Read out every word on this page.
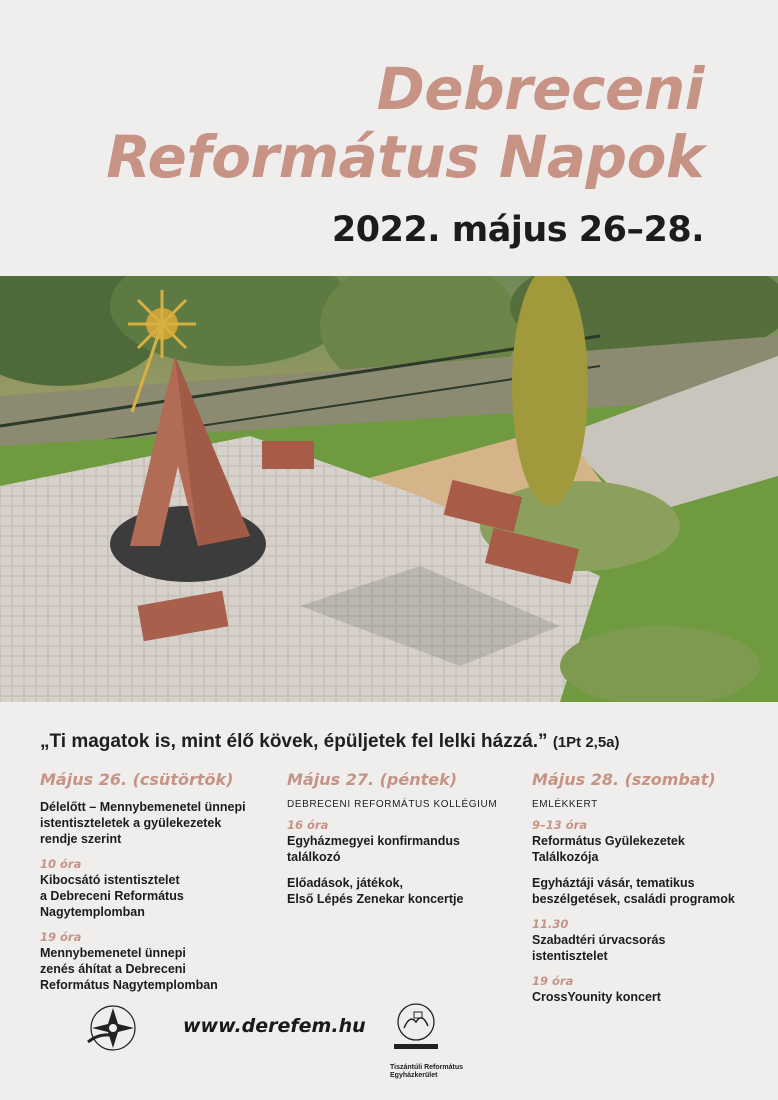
Debreceni
Református Napok
2022. május 26–28.
„Ti magatok is, mint élő kövek, épüljetek fel lelki házzá.” (1Pt 2,5a)
Május 26. (csütörtök)
Délelőtt – Mennybemenetel ünnepi
istentiszteletek a gyülekezetek
rendje szerint
10 óra
Kibocsátó istentisztelet
a Debreceni Református
Nagytemplomban
19 óra
Mennybemenetel ünnepi
zenés áhítat a Debreceni
Református Nagytemplomban
Május 27. (péntek)
DEBRECENI REFORMÁTUS KOLLÉGIUM
16 óra
Egyházmegyei konfirmandus
találkozó
Előadások, játékok,
Első Lépés Zenekar koncertje
Május 28. (szombat)
EMLÉKKERT
9–13 óra
Református Gyülekezetek
Találkozója
Egyháztáji vásár, tematikus
beszélgetések, családi programok
11.30
Szabadtéri úrvacsorás
istentisztelet
19 óra
CrossYounity koncert
www.derefem.hu
Tiszántúli Református
Egyházkerület
